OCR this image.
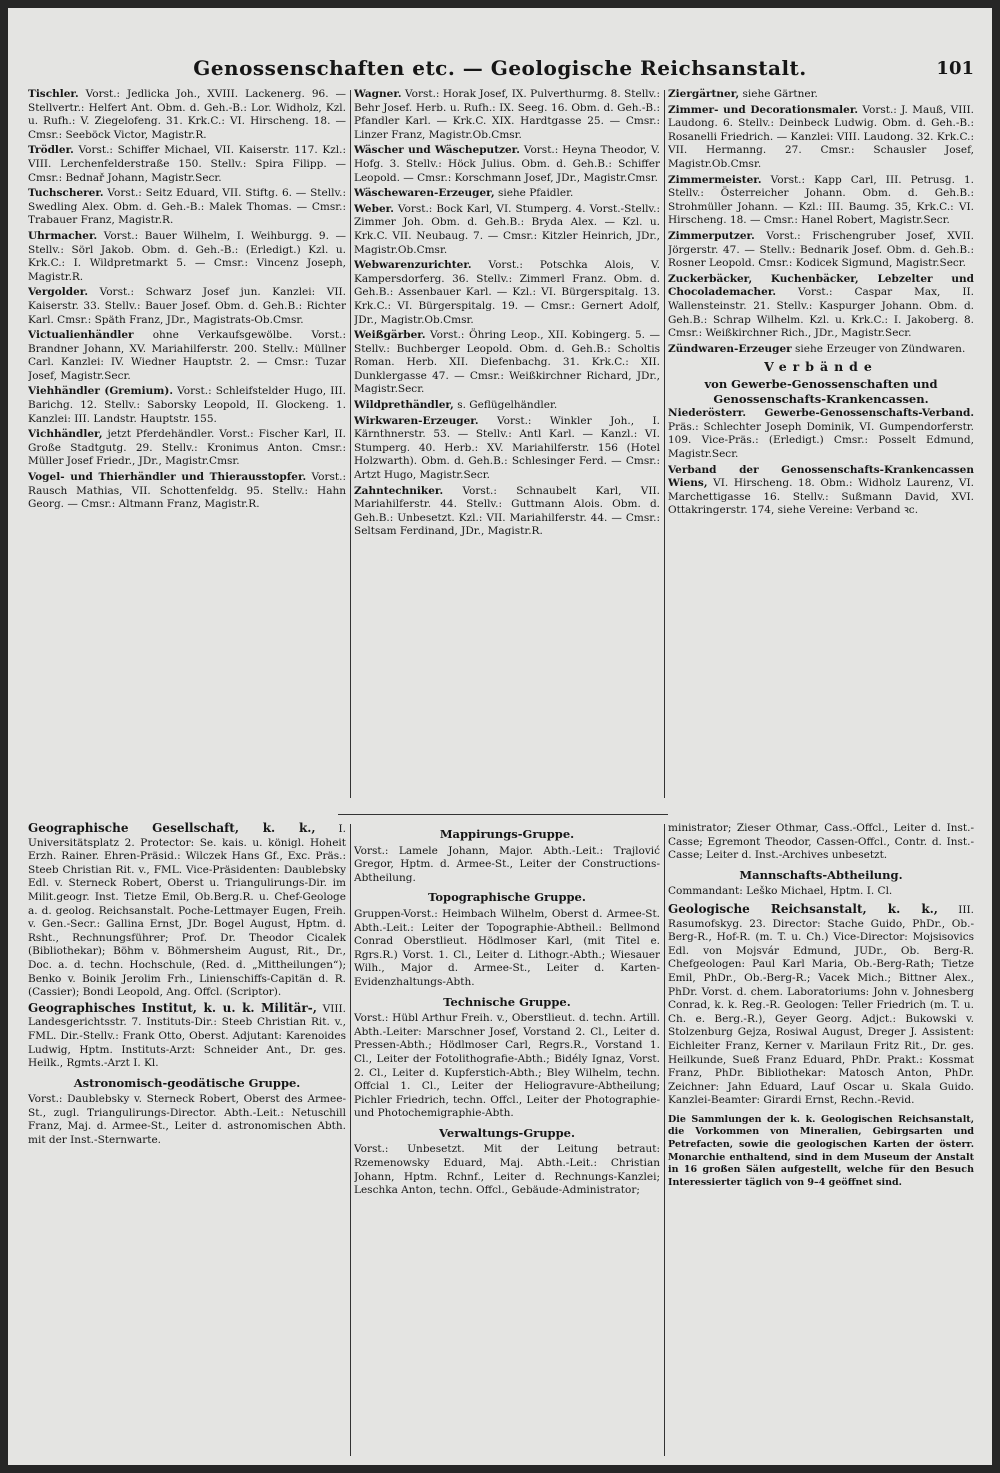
Genossenschaften etc. — Geologische Reichsanstalt.	101
Tischler. Vorst.: Jedlicka Joh., XVIII. Lackenerg. 96. — Stellvertr.: Helfert Ant. Obm. d. Geh.-B.: Lor. Widholz, Kzl. u. Rufh.: V. Ziegelofeng. 31. Krk.C.: VI. Hirscheng. 18. — Cmsr.: Seeböck Victor, Magistr.R.
Trödler. Vorst.: Schiffer Michael, VII. Kaiserstr. 117. Kzl.: VIII. Lerchenfelderstraße 150. Stellv.: Spira Filipp. — Cmsr.: Bednař Johann, Magistr.Secr.
Tuchscherer. Vorst.: Seitz Eduard, VII. Stiftg. 6. — Stellv.: Swedling Alex. Obm. d. Geh.-B.: Malek Thomas. — Cmsr.: Trabauer Franz, Magistr.R.
Uhrmacher. Vorst.: Bauer Wilhelm, I. Weihburgg. 9. — Stellv.: Sörl Jakob. Obm. d. Geh.-B.: (Erledigt.) Kzl. u. Krk.C.: I. Wildpretmarkt 5. — Cmsr.: Vincenz Joseph, Magistr.R.
Vergolder. Vorst.: Schwarz Josef jun. Kanzlei: VII. Kaiserstr. 33. Stellv.: Bauer Josef. Obm. d. Geh.B.: Richter Karl. Cmsr.: Späth Franz, JDr., Magistrats-Ob.Cmsr.
Victualienhändler ohne Verkaufsgewölbe. Vorst.: Brandner Johann, XV. Mariahilferstr. 200. Stellv.: Müllner Carl. Kanzlei: IV. Wiedner Hauptstr. 2. — Cmsr.: Tuzar Josef, Magistr.Secr.
Viehhändler (Gremium). Vorst.: Schleifstelder Hugo, III. Barichg. 12. Stellv.: Saborsky Leopold, II. Glockeng. 1. Kanzlei: III. Landstr. Hauptstr. 155.
Vichhändler, jetzt Pferdehändler. Vorst.: Fischer Karl, II. Große Stadtgutg. 29. Stellv.: Kronimus Anton. Cmsr.: Müller Josef Friedr., JDr., Magistr.Cmsr.
Vogel- und Thierhändler und Thierausstopfer. Vorst.: Rausch Mathias, VII. Schottenfeldg. 95. Stellv.: Hahn Georg. — Cmsr.: Altmann Franz, Magistr.R.
Wagner. Vorst.: Horak Josef, IX. Pulverthurmg. 8. Stellv.: Behr Josef. Herb. u. Rufh.: IX. Seeg. 16. Obm. d. Geh.-B.: Pfandler Karl. — Krk.C. XIX. Hardtgasse 25. — Cmsr.: Linzer Franz, Magistr.Ob.Cmsr.
Wäscher und Wäscheputzer. Vorst.: Heyna Theodor, V. Hofg. 3. Stellv.: Höck Julius. Obm. d. Geh.B.: Schiffer Leopold. — Cmsr.: Korschmann Josef, JDr., Magistr.Cmsr.
Wäschewaren-Erzeuger, siehe Pfaidler.
Weber. Vorst.: Bock Karl, VI. Stumperg. 4. Vorst.-Stellv.: Zimmer Joh. Obm. d. Geh.B.: Bryda Alex. — Kzl. u. Krk.C. VII. Neubaug. 7. — Cmsr.: Kitzler Heinrich, JDr., Magistr.Ob.Cmsr.
Webwarenzurichter. Vorst.: Potschka Alois, V. Kampersdorferg. 36. Stellv.: Zimmerl Franz. Obm. d. Geh.B.: Assenbauer Karl. — Kzl.: VI. Bürgerspitalg. 13. Krk.C.: VI. Bürgerspitalg. 19. — Cmsr.: Gernert Adolf, JDr., Magistr.Ob.Cmsr.
Weißgärber. Vorst.: Öhring Leop., XII. Kobingerg. 5. — Stellv.: Buchberger Leopold. Obm. d. Geh.B.: Scholtis Roman. Herb. XII. Diefenbachg. 31. Krk.C.: XII. Dunklergasse 47. — Cmsr.: Weißkirchner Richard, JDr., Magistr.Secr.
Wildprethändler, s. Geflügelhändler.
Wirkwaren-Erzeuger. Vorst.: Winkler Joh., I. Kärnthnerstr. 53. — Stellv.: Antl Karl. — Kanzl.: VI. Stumperg. 40. Herb.: XV. Mariahilferstr. 156 (Hotel Holzwarth). Obm. d. Geh.B.: Schlesinger Ferd. — Cmsr.: Artzt Hugo, Magistr.Secr.
Zahntechniker. Vorst.: Schnaubelt Karl, VII. Mariahilferstr. 44. Stellv.: Guttmann Alois. Obm. d. Geh.B.: Unbesetzt. Kzl.: VII. Mariahilferstr. 44. — Cmsr.: Seltsam Ferdinand, JDr., Magistr.R.
Ziergärtner, siehe Gärtner.
Zimmer- und Decorationsmaler. Vorst.: J. Mauß, VIII. Laudong. 6. Stellv.: Deinbeck Ludwig. Obm. d. Geh.-B.: Rosanelli Friedrich. — Kanzlei: VIII. Laudong. 32. Krk.C.: VII. Hermanng. 27. Cmsr.: Schausler Josef, Magistr.Ob.Cmsr.
Zimmermeister. Vorst.: Kapp Carl, III. Petrusg. 1. Stellv.: Österreicher Johann. Obm. d. Geh.B.: Strohmüller Johann. — Kzl.: III. Baumg. 35, Krk.C.: VI. Hirscheng. 18. — Cmsr.: Hanel Robert, Magistr.Secr.
Zimmerputzer. Vorst.: Frischengruber Josef, XVII. Jörgerstr. 47. — Stellv.: Bednarik Josef. Obm. d. Geh.B.: Rosner Leopold. Cmsr.: Kodicek Sigmund, Magistr.Secr.
Zuckerbäcker, Kuchenbäcker, Lebzelter und Chocolademacher. Vorst.: Caspar Max, II. Wallensteinstr. 21. Stellv.: Kaspurger Johann. Obm. d. Geh.B.: Schrap Wilhelm. Kzl. u. Krk.C.: I. Jakoberg. 8. Cmsr.: Weißkirchner Rich., JDr., Magistr.Secr.
Zündwaren-Erzeuger siehe Erzeuger von Zündwaren.
Verbände
von Gewerbe-Genossenschaften und Genossenschafts-Krankencassen.
Niederösterr. Gewerbe-Genossenschafts-Verband. Präs.: Schlechter Joseph Dominik, VI. Gumpendorferstr. 109. Vice-Präs.: (Erledigt.) Cmsr.: Posselt Edmund, Magistr.Secr.
Verband der Genossenschafts-Krankencassen Wiens, VI. Hirscheng. 18. Obm.: Widholz Laurenz, VI. Marchettigasse 16. Stellv.: Sußmann David, XVI. Ottakringerstr. 174, siehe Vereine: Verband ꝛc.
Geographische Gesellschaft, k. k., I. Universitätsplatz 2. Protector: Se. kais. u. königl. Hoheit Erzh. Rainer. Ehren-Präsid.: Wilczek Hans Gf., Exc. Präs.: Steeb Christian Rit. v., FML. Vice-Präsidenten: Daublebsky Edl. v. Sterneck Robert, Oberst u. Triangulirungs-Dir. im Milit.geogr. Inst. Tietze Emil, Ob.Berg.R. u. Chef-Geologe a. d. geolog. Reichsanstalt. Poche-Lettmayer Eugen, Freih. v. Gen.-Secr.: Gallina Ernst, JDr. Bogel August, Hptm. d. Rsht., Rechnungsführer; Prof. Dr. Theodor Cicalek (Bibliothekar); Böhm v. Böhmersheim August, Rit., Dr., Doc. a. d. techn. Hochschule, (Red. d. „Mittheilungen“); Benko v. Boinik Jerolim Frh., Linienschiffs-Capitän d. R. (Cassier); Bondi Leopold, Ang. Offcl. (Scriptor).
Geographisches Institut, k. u. k. Militär-, VIII. Landesgerichtsstr. 7. Instituts-Dir.: Steeb Christian Rit. v., FML. Dir.-Stellv.: Frank Otto, Oberst. Adjutant: Karenoides Ludwig, Hptm. Instituts-Arzt: Schneider Ant., Dr. ges. Heilk., Rgmts.-Arzt I. Kl.
Astronomisch-geodätische Gruppe.
Vorst.: Daublebsky v. Sterneck Robert, Oberst des Armee-St., zugl. Triangulirungs-Director. Abth.-Leit.: Netuschill Franz, Maj. d. Armee-St., Leiter d. astronomischen Abth. mit der Inst.-Sternwarte.
Mappirungs-Gruppe.
Vorst.: Lamele Johann, Major. Abth.-Leit.: Trajlović Gregor, Hptm. d. Armee-St., Leiter der Constructions-Abtheilung.
Topographische Gruppe.
Gruppen-Vorst.: Heimbach Wilhelm, Oberst d. Armee-St. Abth.-Leit.: Leiter der Topographie-Abtheil.: Bellmond Conrad Oberstlieut. Hödlmoser Karl, (mit Titel e. Rgrs.R.) Vorst. 1. Cl., Leiter d. Lithogr.-Abth.; Wiesauer Wilh., Major d. Armee-St., Leiter d. Karten-Evidenzhaltungs-Abth.
Technische Gruppe.
Vorst.: Hübl Arthur Freih. v., Oberstlieut. d. techn. Artill. Abth.-Leiter: Marschner Josef, Vorstand 2. Cl., Leiter d. Pressen-Abth.; Hödlmoser Carl, Regrs.R., Vorstand 1. Cl., Leiter der Fotolithografie-Abth.; Bidély Ignaz, Vorst. 2. Cl., Leiter d. Kupferstich-Abth.; Bley Wilhelm, techn. Offcial 1. Cl., Leiter der Heliogravure-Abtheilung; Pichler Friedrich, techn. Offcl., Leiter der Photographie- und Photochemigraphie-Abth.
Verwaltungs-Gruppe.
Vorst.: Unbesetzt. Mit der Leitung betraut: Rzemenowsky Eduard, Maj. Abth.-Leit.: Christian Johann, Hptm. Rchnf., Leiter d. Rechnungs-Kanzlei; Leschka Anton, techn. Offcl., Gebäude-Administrator;
ministrator; Zieser Othmar, Cass.-Offcl., Leiter d. Inst.-Casse; Egremont Theodor, Cassen-Offcl., Contr. d. Inst.-Casse; Leiter d. Inst.-Archives unbesetzt.
Mannschafts-Abtheilung.
Commandant: Leško Michael, Hptm. I. Cl.
Geologische Reichsanstalt, k. k., III. Rasumofskyg. 23. Director: Stache Guido, PhDr., Ob.-Berg-R., Hof-R. (m. T. u. Ch.) Vice-Director: Mojsisovics Edl. von Mojsvár Edmund, JUDr., Ob. Berg-R. Chefgeologen: Paul Karl Maria, Ob.-Berg-Rath; Tietze Emil, PhDr., Ob.-Berg-R.; Vacek Mich.; Bittner Alex., PhDr. Vorst. d. chem. Laboratoriums: John v. Johnesberg Conrad, k. k. Reg.-R. Geologen: Teller Friedrich (m. T. u. Ch. e. Berg.-R.), Geyer Georg. Adjct.: Bukowski v. Stolzenburg Gejza, Rosiwal August, Dreger J. Assistent: Eichleiter Franz, Kerner v. Marilaun Fritz Rit., Dr. ges. Heilkunde, Sueß Franz Eduard, PhDr. Prakt.: Kossmat Franz, PhDr. Bibliothekar: Matosch Anton, PhDr. Zeichner: Jahn Eduard, Lauf Oscar u. Skala Guido. Kanzlei-Beamter: Girardi Ernst, Rechn.-Revid.
Die Sammlungen der k. k. Geologischen Reichsanstalt, die Vorkommen von Mineralien, Gebirgsarten und Petrefacten, sowie die geologischen Karten der österr. Monarchie enthaltend, sind in dem Museum der Anstalt in 16 großen Sälen aufgestellt, welche für den Besuch Interessierter täglich von 9–4 geöffnet sind.
